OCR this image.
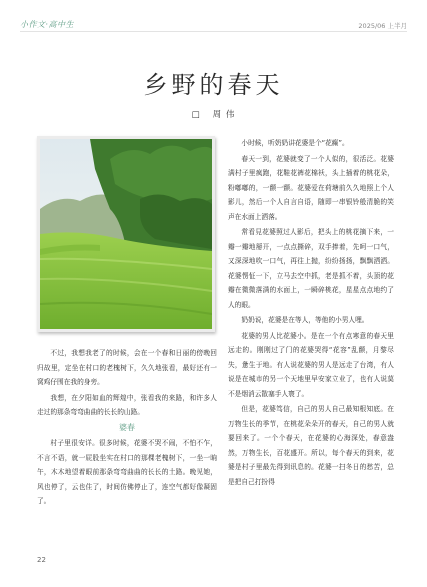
小作文·高中生	2025/06 上半月
乡野的春天
□ 周 伟

小时候，听奶奶讲花婆是个“花癫”。

春天一到，花婆就变了一个人似的，很活泛。花婆满村子里疯跑，花鞋花裤花棉袄，头上插着的桃花朵，粉嘟嘟的，一颤一颤。花婆爱在荷塘前久久地照上个人影儿，然后一个人自言自语，随即一串银铃般清脆的笑声在水面上洒落。

常看見花婆照过人影后，把头上的桃花摘下来，一瓣一瓣地掰开，一点点撕碎，双手捧着，先呵一口气，又深深地吹一口气，再往上抛，纷纷扬扬，飘飘洒洒。花婆愣怔一下，立马去空中抓，老是抓不着，头顶的花瓣在微微落满的水面上，一瞬碎桃花，星星点点地约了人的眼。

奶奶说，花婆是在等人，等他的小男人哩。

花婆的男人比花婆小。是在一个有点寒意的春天里远走的。刚刚过了门的花婆哭得“花容”乱颤，月黎尽失，惫生于地。有人说花婆的男人是远走了台湾，有人说是在城市的另一个天地里早安家立业了，也有人说莫不是烟消云散塞手人寰了。

但是，花婆笃信，自己的男人自己最知根知底。在万物生长的季节，在桃花朵朵开的春天，自己的男人就要回来了。一个个春天，在花婆的心海深处，春意盎然，万物生长，百花盛开。所以，每个春天的到来，花婆是村子里最先得到讯息的。花婆一扫冬日的愁苦，总是把自己打扮得

不过，我想我老了的时候，会在一个春和日丽的傍晚回归故里，定坐在村口的老槐树下，久久地张看，最好还有一窝鸡仔围在我的身旁。

我想，在夕阳如血的辉煌中，张看我的来路，和许多人走过的那条弯弯曲曲的长长的山路。

婆春

村子里很安详。很多时候，花婆不哭不闹，不怕不乍，不言不语，就一屁股坐实在村口的那棵老槐树下，一坐一晌午，木木地望着眼前那条弯弯曲曲的长长的土路。晚见她，风也停了，云也住了，时间仿佛停止了，连空气都好像凝固了。

22
